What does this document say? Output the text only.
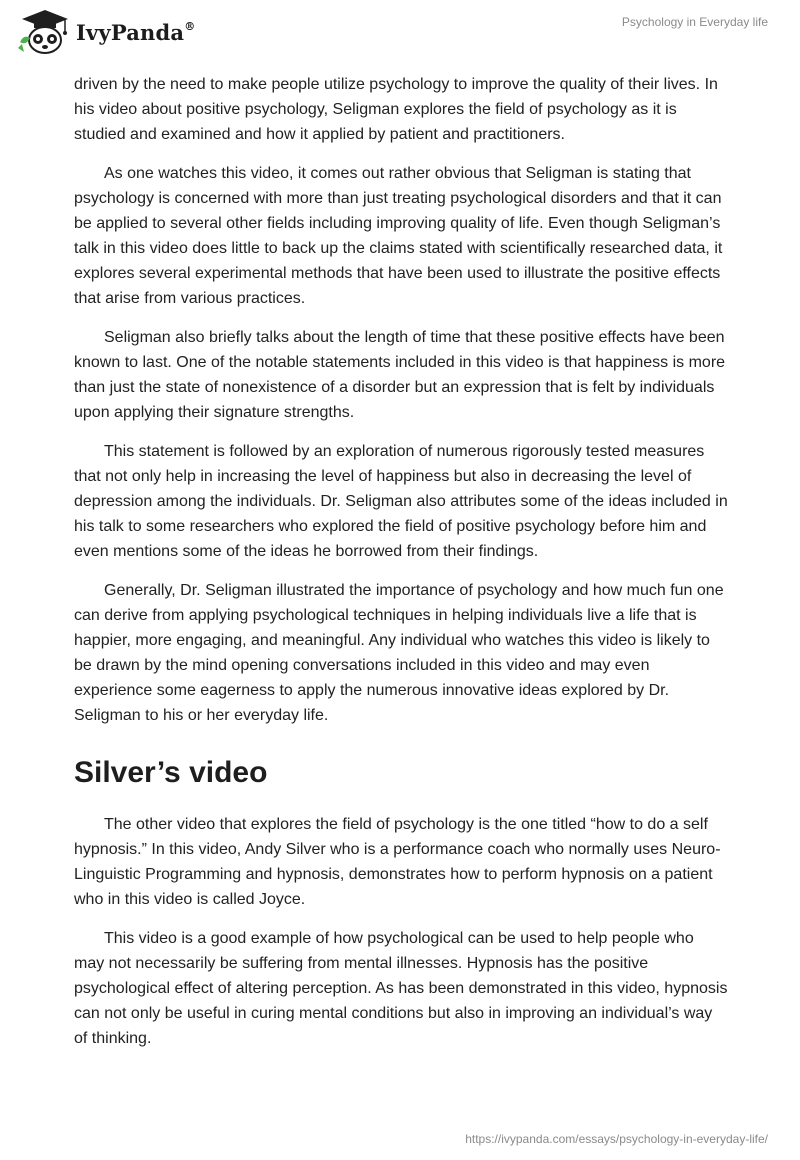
IvyPanda®	Psychology in Everyday life

driven by the need to make people utilize psychology to improve the quality of their lives. In his video about positive psychology, Seligman explores the field of psychology as it is studied and examined and how it applied by patient and practitioners.

As one watches this video, it comes out rather obvious that Seligman is stating that psychology is concerned with more than just treating psychological disorders and that it can be applied to several other fields including improving quality of life. Even though Seligman’s talk in this video does little to back up the claims stated with scientifically researched data, it explores several experimental methods that have been used to illustrate the positive effects that arise from various practices.

Seligman also briefly talks about the length of time that these positive effects have been known to last. One of the notable statements included in this video is that happiness is more than just the state of nonexistence of a disorder but an expression that is felt by individuals upon applying their signature strengths.

This statement is followed by an exploration of numerous rigorously tested measures that not only help in increasing the level of happiness but also in decreasing the level of depression among the individuals. Dr. Seligman also attributes some of the ideas included in his talk to some researchers who explored the field of positive psychology before him and even mentions some of the ideas he borrowed from their findings.

Generally, Dr. Seligman illustrated the importance of psychology and how much fun one can derive from applying psychological techniques in helping individuals live a life that is happier, more engaging, and meaningful. Any individual who watches this video is likely to be drawn by the mind opening conversations included in this video and may even experience some eagerness to apply the numerous innovative ideas explored by Dr. Seligman to his or her everyday life.

Silver’s video

The other video that explores the field of psychology is the one titled “how to do a self hypnosis.” In this video, Andy Silver who is a performance coach who normally uses Neuro-Linguistic Programming and hypnosis, demonstrates how to perform hypnosis on a patient who in this video is called Joyce.

This video is a good example of how psychological can be used to help people who may not necessarily be suffering from mental illnesses. Hypnosis has the positive psychological effect of altering perception. As has been demonstrated in this video, hypnosis can not only be useful in curing mental conditions but also in improving an individual’s way of thinking.

https://ivypanda.com/essays/psychology-in-everyday-life/
